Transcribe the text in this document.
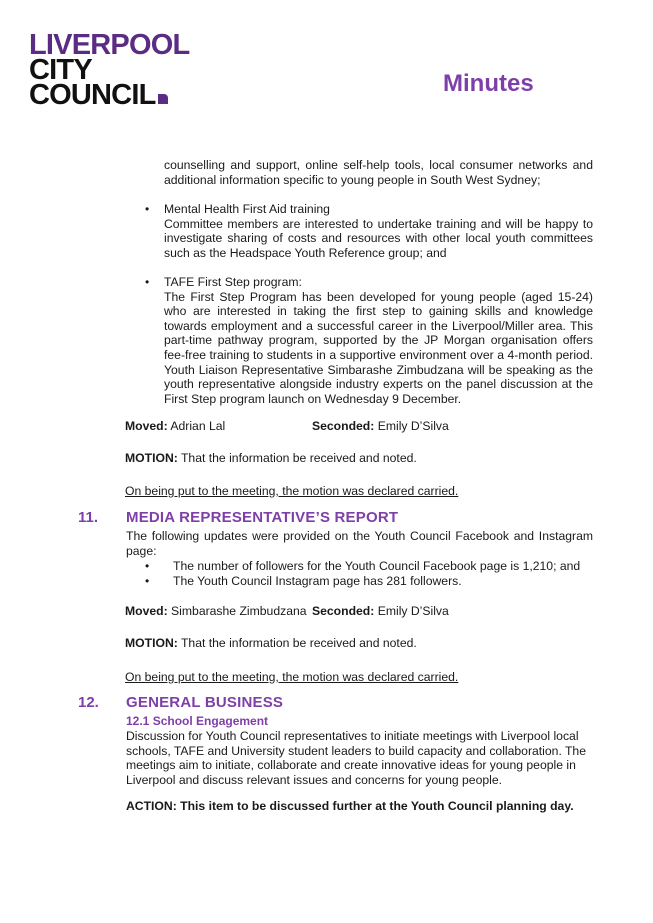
LIVERPOOL
CITY
COUNCIL	Minutes
counselling and support, online self-help tools, local consumer networks and additional information specific to young people in South West Sydney;
• Mental Health First Aid training
Committee members are interested to undertake training and will be happy to investigate sharing of costs and resources with other local youth committees such as the Headspace Youth Reference group; and
• TAFE First Step program:
The First Step Program has been developed for young people (aged 15-24) who are interested in taking the first step to gaining skills and knowledge towards employment and a successful career in the Liverpool/Miller area. This part-time pathway program, supported by the JP Morgan organisation offers fee-free training to students in a supportive environment over a 4-month period. Youth Liaison Representative Simbarashe Zimbudzana will be speaking as the youth representative alongside industry experts on the panel discussion at the First Step program launch on Wednesday 9 December.
Moved: Adrian Lal	Seconded: Emily D’Silva
MOTION: That the information be received and noted.
On being put to the meeting, the motion was declared carried.
11. MEDIA REPRESENTATIVE’S REPORT
The following updates were provided on the Youth Council Facebook and Instagram page:
• The number of followers for the Youth Council Facebook page is 1,210; and
• The Youth Council Instagram page has 281 followers.
Moved: Simbarashe Zimbudzana Seconded: Emily D’Silva
MOTION: That the information be received and noted.
On being put to the meeting, the motion was declared carried.
12. GENERAL BUSINESS
12.1 School Engagement
Discussion for Youth Council representatives to initiate meetings with Liverpool local schools, TAFE and University student leaders to build capacity and collaboration. The meetings aim to initiate, collaborate and create innovative ideas for young people in Liverpool and discuss relevant issues and concerns for young people.
ACTION: This item to be discussed further at the Youth Council planning day.
